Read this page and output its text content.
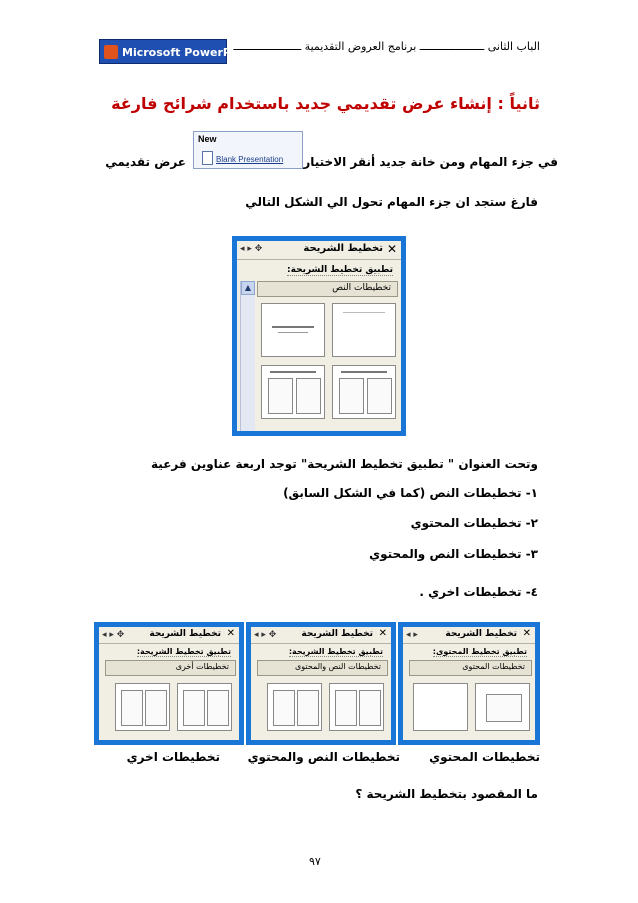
Microsoft PowerPoint
الباب الثانى ــــــــــــــــــــ برنامج العروض التقديمية ـــــــــــــــــــــ
ثانياً : إنشاء عرض تقديمي جديد باستخدام شرائح فارغة
في جزء المهام ومن خانة جديد أنقر الاختيار
New
Blank Presentation
عرض تقديمي
فارغ ستجد ان جزء المهام تحول الي الشكل التالي
◂ ▸ ✥	تخطيط الشريحة ✕
تطبيق تخطيط الشريحة:
▲	تخطيطات النص
وتحت العنوان " تطبيق تخطيط الشريحة" توجد اربعة عناوين فرعية
١- تخطيطات النص (كما في الشكل السابق)
٢- تخطيطات المحتوي
٣- تخطيطات النص والمحتوي
٤- تخطيطات اخري .
◂ ▸ ✥	تخطيط الشريحة ✕
تطبيق تخطيط الشريحة:
تخطيطات أخرى
◂ ▸ ✥	تخطيط الشريحة ✕
تطبيق تخطيط الشريحة:
تخطيطات النص والمحتوى
◂ ▸	تخطيط الشريحة ✕
تطبيق تخطيط المحتوى:
تخطيطات المحتوى
تخطيطات اخري تخطيطات النص والمحتوي	تخطيطات المحتوي
ما المقصود بتخطيط الشريحة ؟
٩٧
